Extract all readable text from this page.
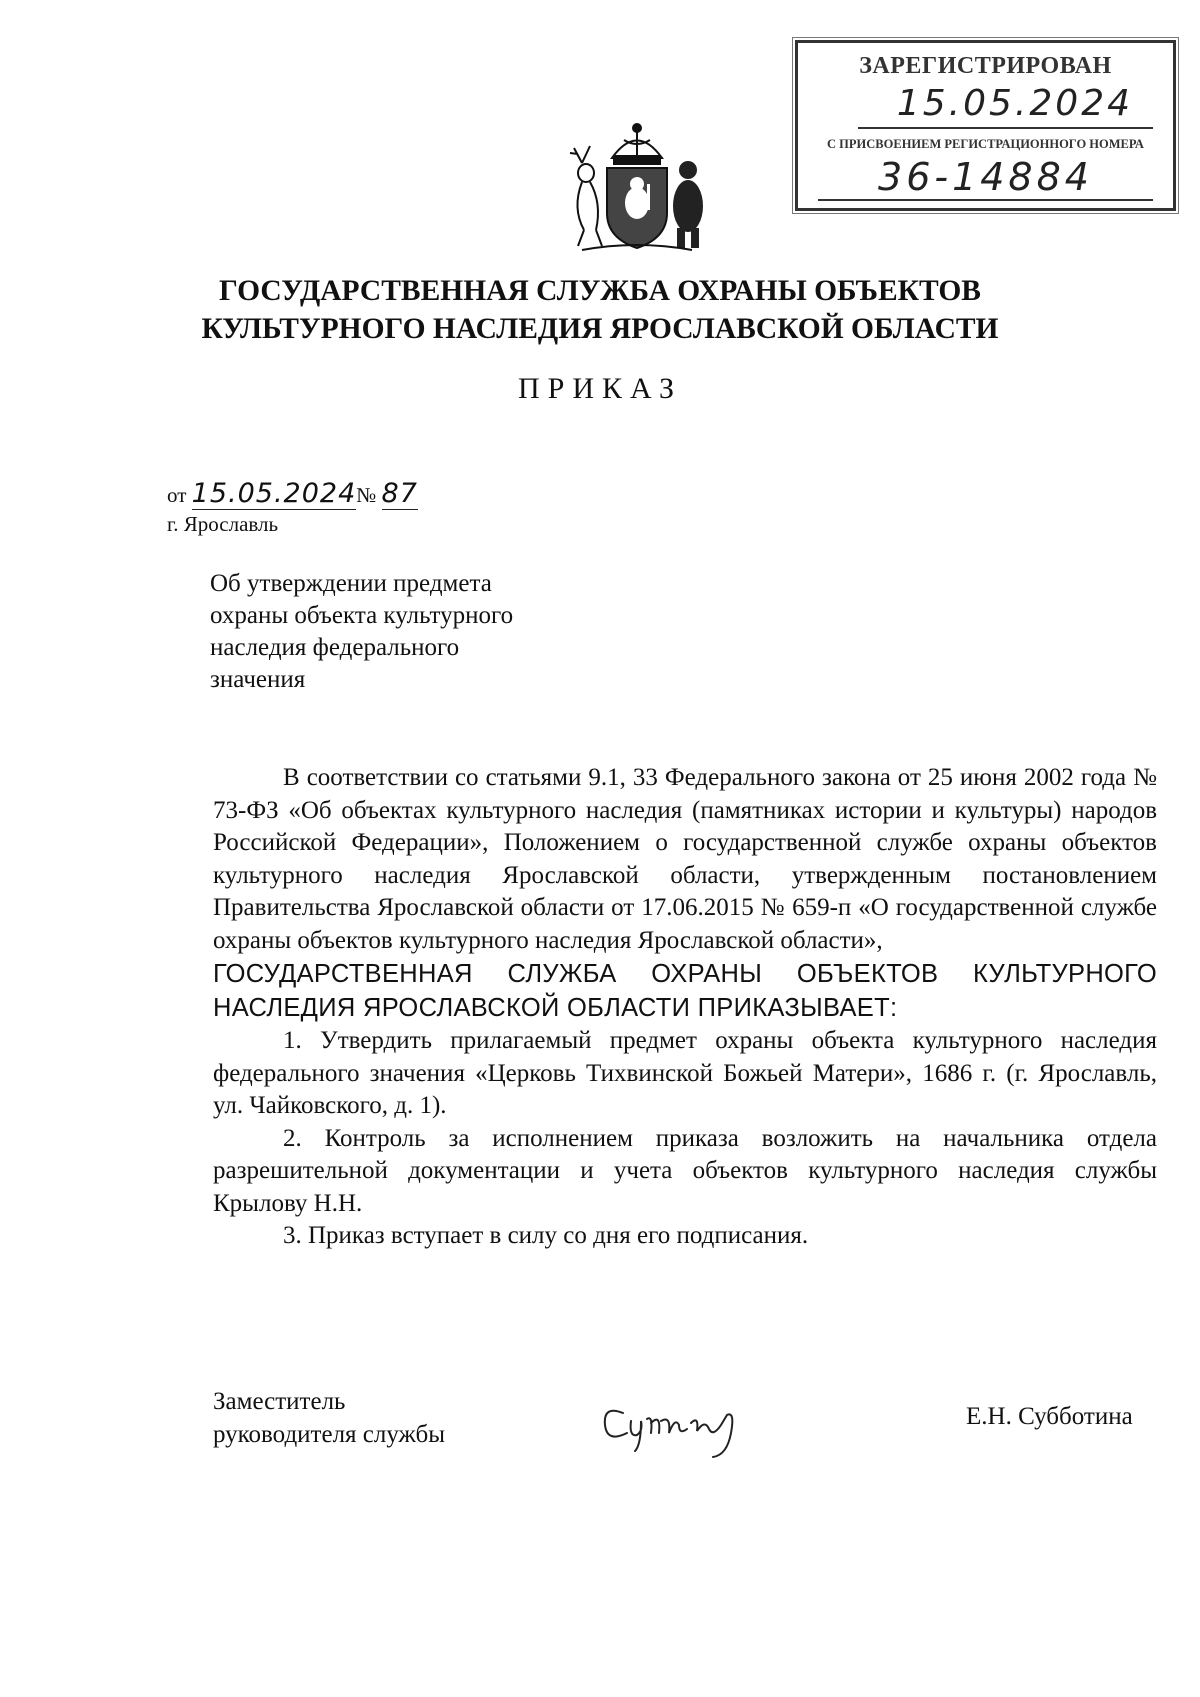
ЗАРЕГИСТРИРОВАН
15.05.2024
С ПРИСВОЕНИЕМ РЕГИСТРАЦИОННОГО НОМЕРА
36-14884
ГОСУДАРСТВЕННАЯ СЛУЖБА ОХРАНЫ ОБЪЕКТОВ
КУЛЬТУРНОГО НАСЛЕДИЯ ЯРОСЛАВСКОЙ ОБЛАСТИ
ПРИКАЗ
от 15.05.2024№ 87
г. Ярославль
Об утверждении предмета
охраны объекта культурного
наследия федерального
значения

В соответствии со статьями 9.1, 33 Федерального закона от 25 июня 2002 года № 73-ФЗ «Об объектах культурного наследия (памятниках истории и культуры) народов Российской Федерации», Положением о государственной службе охраны объектов культурного наследия Ярославской области, утвержденным постановлением Правительства Ярославской области от 17.06.2015 № 659-п «О государственной службе охраны объектов культурного наследия Ярославской области»,

ГОСУДАРСТВЕННАЯ СЛУЖБА ОХРАНЫ ОБЪЕКТОВ КУЛЬТУРНОГО НАСЛЕДИЯ ЯРОСЛАВСКОЙ ОБЛАСТИ ПРИКАЗЫВАЕТ:

1. Утвердить прилагаемый предмет охраны объекта культурного наследия федерального значения «Церковь Тихвинской Божьей Матери», 1686 г. (г. Ярославль, ул. Чайковского, д. 1).

2. Контроль за исполнением приказа возложить на начальника отдела разрешительной документации и учета объектов культурного наследия службы Крылову Н.Н.

3. Приказ вступает в силу со дня его подписания.

Заместитель
руководителя службы
Е.Н. Субботина
